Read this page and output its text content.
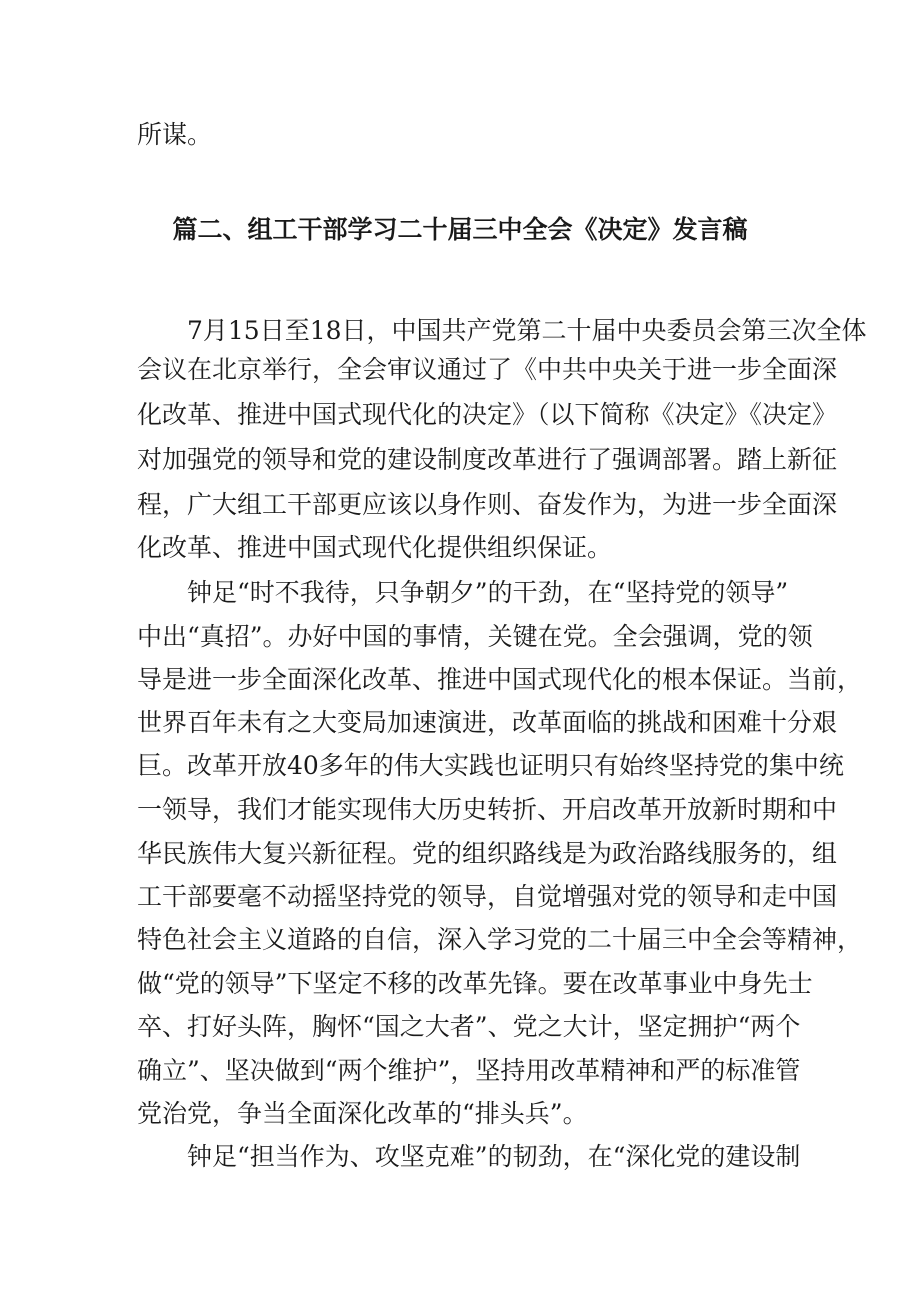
所谋。
篇二、组工干部学习二十届三中全会《决定》发言稿
7月15日至18日，中国共产党第二十届中央委员会第三次全体
会议在北京举行，全会审议通过了《中共中央关于进一步全面深
化改革、推进中国式现代化的决定》（以下简称《决定》《决定》
对加强党的领导和党的建设制度改革进行了强调部署。踏上新征
程，广大组工干部更应该以身作则、奋发作为，为进一步全面深
化改革、推进中国式现代化提供组织保证。
钟足“时不我待，只争朝夕”的干劲，在“坚持党的领导”
中出“真招”。办好中国的事情，关键在党。全会强调，党的领
导是进一步全面深化改革、推进中国式现代化的根本保证。当前，
世界百年未有之大变局加速演进，改革面临的挑战和困难十分艰
巨。改革开放40多年的伟大实践也证明只有始终坚持党的集中统
一领导，我们才能实现伟大历史转折、开启改革开放新时期和中
华民族伟大复兴新征程。党的组织路线是为政治路线服务的，组
工干部要毫不动摇坚持党的领导，自觉增强对党的领导和走中国
特色社会主义道路的自信，深入学习党的二十届三中全会等精神，
做“党的领导”下坚定不移的改革先锋。要在改革事业中身先士
卒、打好头阵，胸怀“国之大者”、党之大计，坚定拥护“两个
确立”、坚决做到“两个维护”，坚持用改革精神和严的标准管
党治党，争当全面深化改革的“排头兵”。
钟足“担当作为、攻坚克难”的韧劲，在“深化党的建设制
